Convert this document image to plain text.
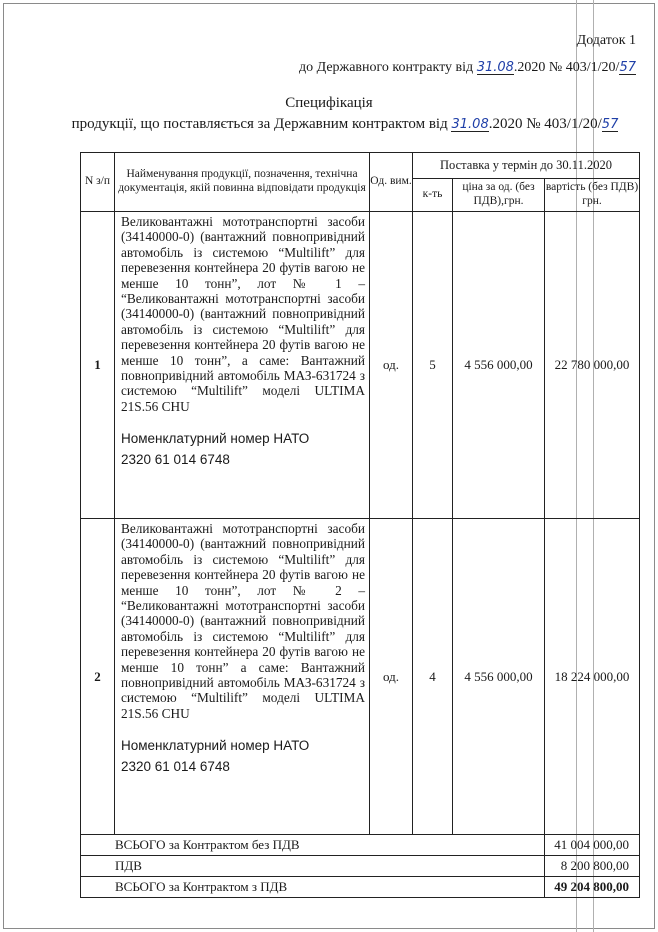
Додаток 1
до Державного контракту від 31.08.2020 № 403/1/20/57
Специфікація
продукції, що поставляється за Державним контрактом від 31.08.2020 № 403/1/20/57
N з/п	Найменування продукції, позначення, технічна документація, якій повинна відповідати продукція	Од. вим.	Поставка у термін до 30.11.2020		
			к-ть	ціна за од. (без ПДВ),грн.	вартість (без ПДВ) грн.
1	Великовантажні мототранспортні засоби (34140000-0) (вантажний повнопривідний автомобіль із системою “Multilift” для перевезення контейнера 20 футів вагою не менше 10 тонн”, лот № 1 – “Великовантажні мототранспортні засоби (34140000-0) (вантажний повнопривідний автомобіль із системою “Multilift” для перевезення контейнера 20 футів вагою не менше 10 тонн”, а саме: Вантажний повнопривідний автомобіль МАЗ-631724 з системою “Multilift” моделі ULTIMA 21S.56 CHU
Номенклатурний номер НАТО
2320 61 014 6748	од.	5	4 556 000,00	22 780 000,00
2	Великовантажні мототранспортні засоби (34140000-0) (вантажний повнопривідний автомобіль із системою “Multilift” для перевезення контейнера 20 футів вагою не менше 10 тонн”, лот № 2 – “Великовантажні мототранспортні засоби (34140000-0) (вантажний повнопривідний автомобіль із системою “Multilift” для перевезення контейнера 20 футів вагою не менше 10 тонн” а саме: Вантажний повнопривідний автомобіль МАЗ-631724 з системою “Multilift” моделі ULTIMA 21S.56 CHU
Номенклатурний номер НАТО
2320 61 014 6748	од.	4	4 556 000,00	18 224 000,00
ВСЬОГО за Контрактом без ПДВ					41 004 000,00
ПДВ					8 200 800,00
ВСЬОГО за Контрактом з ПДВ					49 204 800,00
